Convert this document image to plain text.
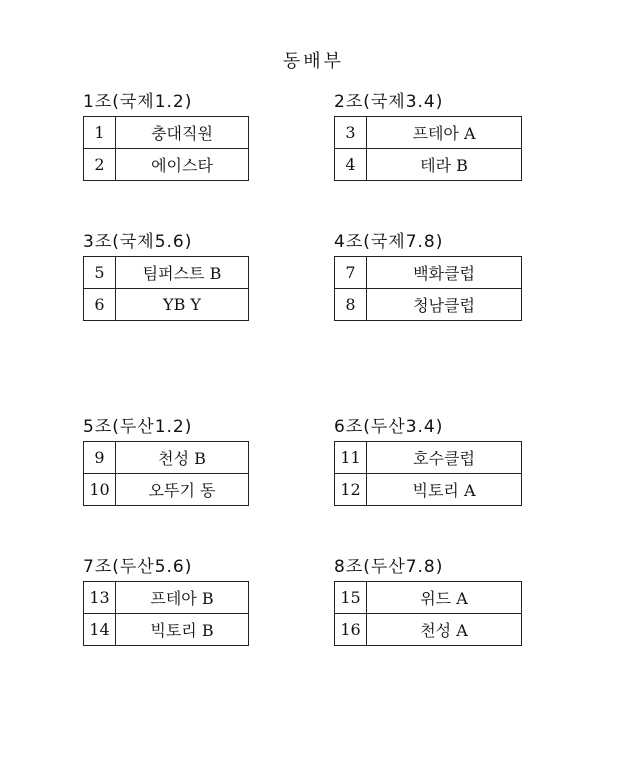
동배부
1조(국제1.2)
1	충대직원
2	에이스타
2조(국제3.4)
3	프테아 A
4	테라 B
3조(국제5.6)
5	팀퍼스트 B
6	YB Y
4조(국제7.8)
7	백화클럽
8	청남클럽
5조(두산1.2)
9	천성 B
10	오뚜기 동
6조(두산3.4)
11	호수클럽
12	빅토리 A
7조(두산5.6)
13	프테아 B
14	빅토리 B
8조(두산7.8)
15	위드 A
16	천성 A
